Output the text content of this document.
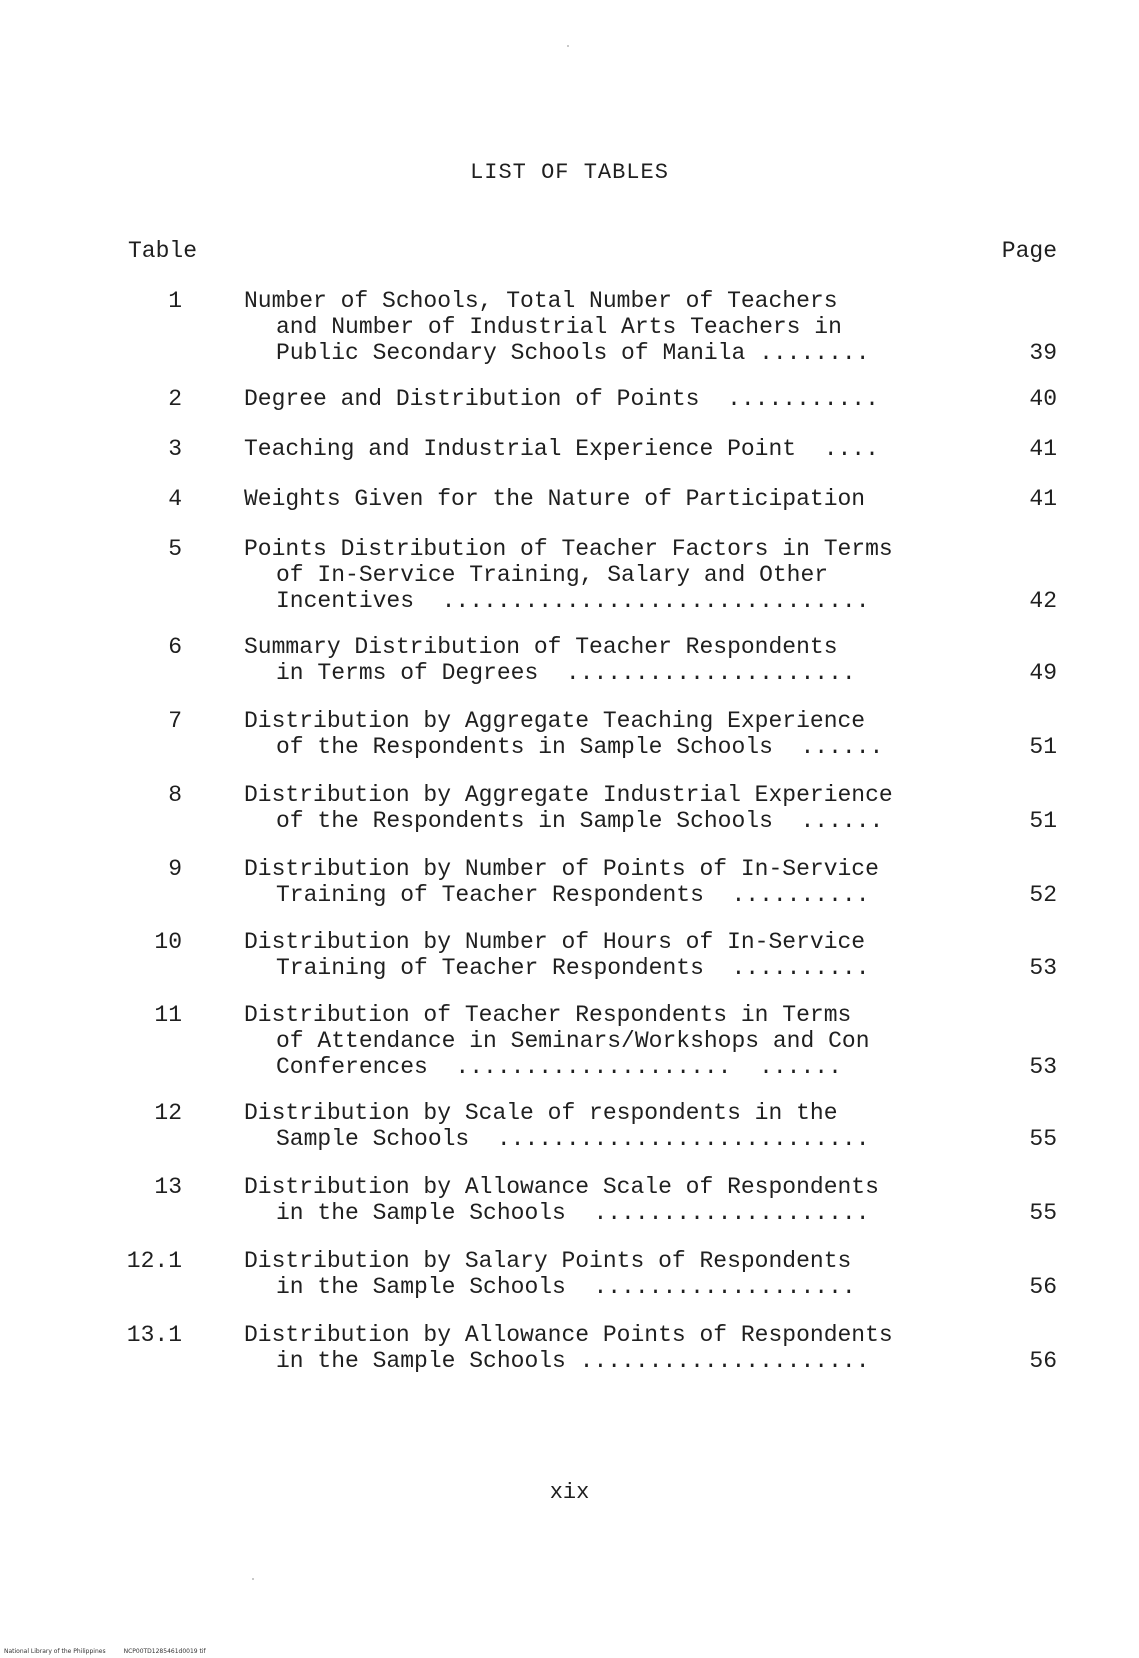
LIST OF TABLES
Table	Page
1	Number of Schools, Total Number of Teachers
and Number of Industrial Arts Teachers in
Public Secondary Schools of Manila ........	39
2	Degree and Distribution of Points  ...........	40
3	Teaching and Industrial Experience Point  ....	41
4	Weights Given for the Nature of Participation	41
5	Points Distribution of Teacher Factors in Terms
of In-Service Training, Salary and Other
Incentives  ...............................	42
6	Summary Distribution of Teacher Respondents
in Terms of Degrees  .....................	49
7	Distribution by Aggregate Teaching Experience
of the Respondents in Sample Schools  ......	51
8	Distribution by Aggregate Industrial Experience
of the Respondents in Sample Schools  ......	51
9	Distribution by Number of Points of In-Service
Training of Teacher Respondents  ..........	52
10	Distribution by Number of Hours of In-Service
Training of Teacher Respondents  ..........	53
11	Distribution of Teacher Respondents in Terms
of Attendance in Seminars/Workshops and Con
Conferences  ....................  ......	53
12	Distribution by Scale of respondents in the
Sample Schools  ...........................	55
13	Distribution by Allowance Scale of Respondents
in the Sample Schools  ....................	55
12.1	Distribution by Salary Points of Respondents
in the Sample Schools  ...................	56
13.1	Distribution by Allowance Points of Respondents
in the Sample Schools .....................	56
xix
National Library of the Philippines	NCP00TD1285461d0019 tif
